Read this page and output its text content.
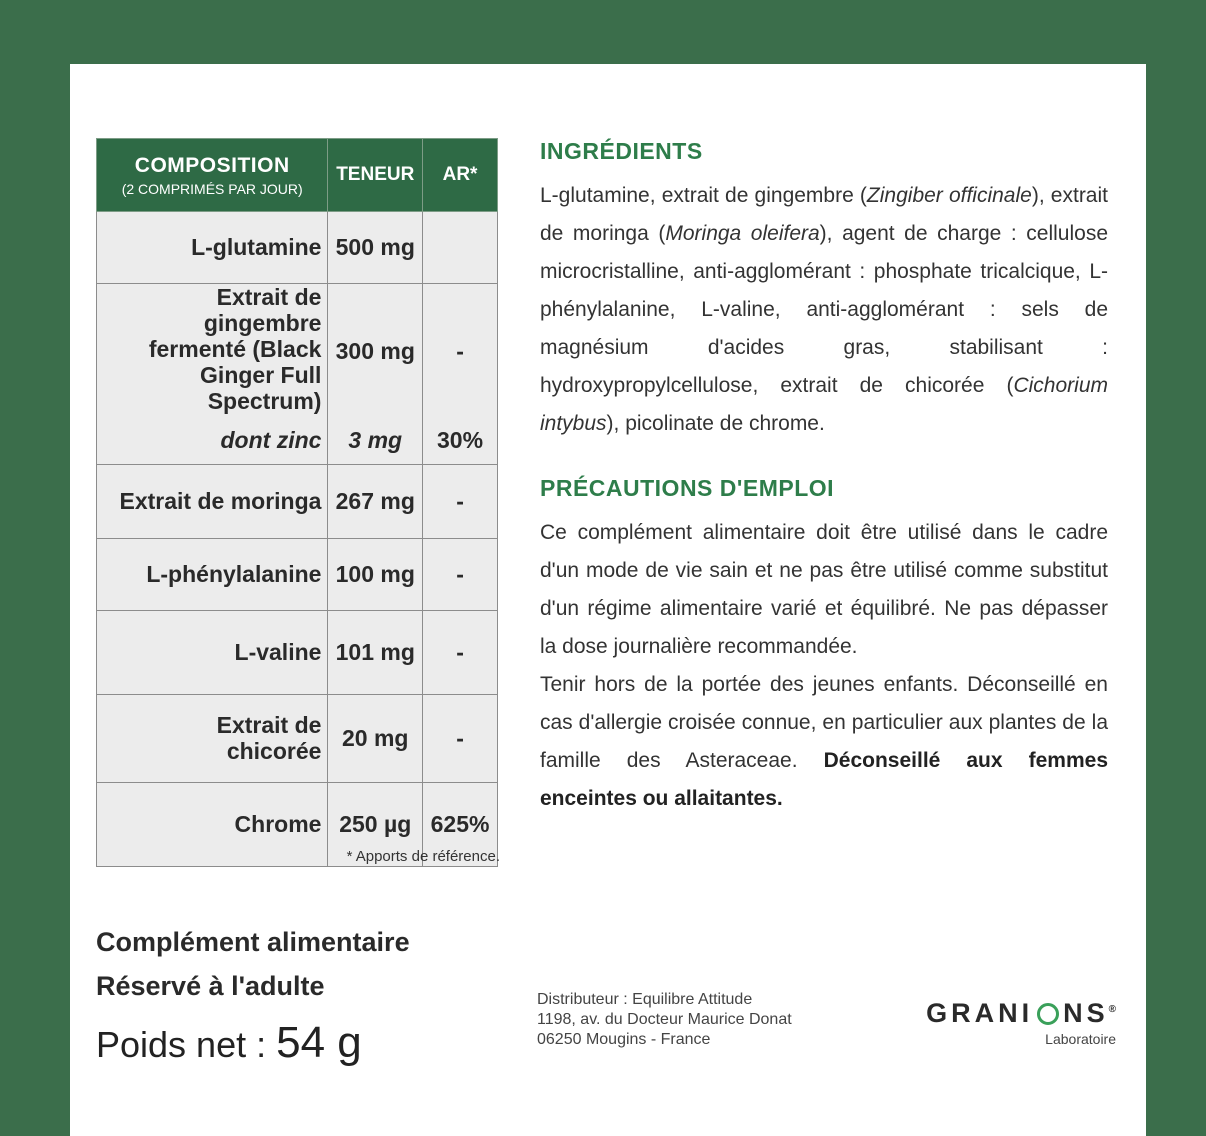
COMPOSITION
(2 COMPRIMÉS PAR JOUR)	TENEUR	AR*
L-glutamine	500 mg	
Extrait de gingembre
fermenté (Black
Ginger Full Spectrum)	300 mg	-
dont zinc	3 mg	30%
Extrait de moringa	267 mg	-
L-phénylalanine	100 mg	-
L-valine	101 mg	-
Extrait de
chicorée	20 mg	-
Chrome	250 µg	625%
* Apports de référence.
INGRÉDIENTS

L-glutamine, extrait de gingembre (Zingiber officinale), extrait de moringa (Moringa oleifera), agent de charge : cellulose microcristalline, anti-agglomérant : phosphate tricalcique, L-phénylalanine, L-valine, anti-agglomérant : sels de magnésium d'acides gras, stabilisant : hydroxypropylcellulose, extrait de chicorée (Cichorium intybus), picolinate de chrome.

PRÉCAUTIONS D'EMPLOI

Ce complément alimentaire doit être utilisé dans le cadre d'un mode de vie sain et ne pas être utilisé comme substitut d'un régime alimentaire varié et équilibré. Ne pas dépasser la dose journalière recommandée.

Tenir hors de la portée des jeunes enfants. Déconseillé en cas d'allergie croisée connue, en particulier aux plantes de la famille des Asteraceae. Déconseillé aux femmes enceintes ou allaitantes.

Complément alimentaire
Réservé à l'adulte
Poids net : 54 g
Distributeur : Equilibre Attitude
1198, av. du Docteur Maurice Donat
06250 Mougins - France
GRANI NS®
Laboratoire
